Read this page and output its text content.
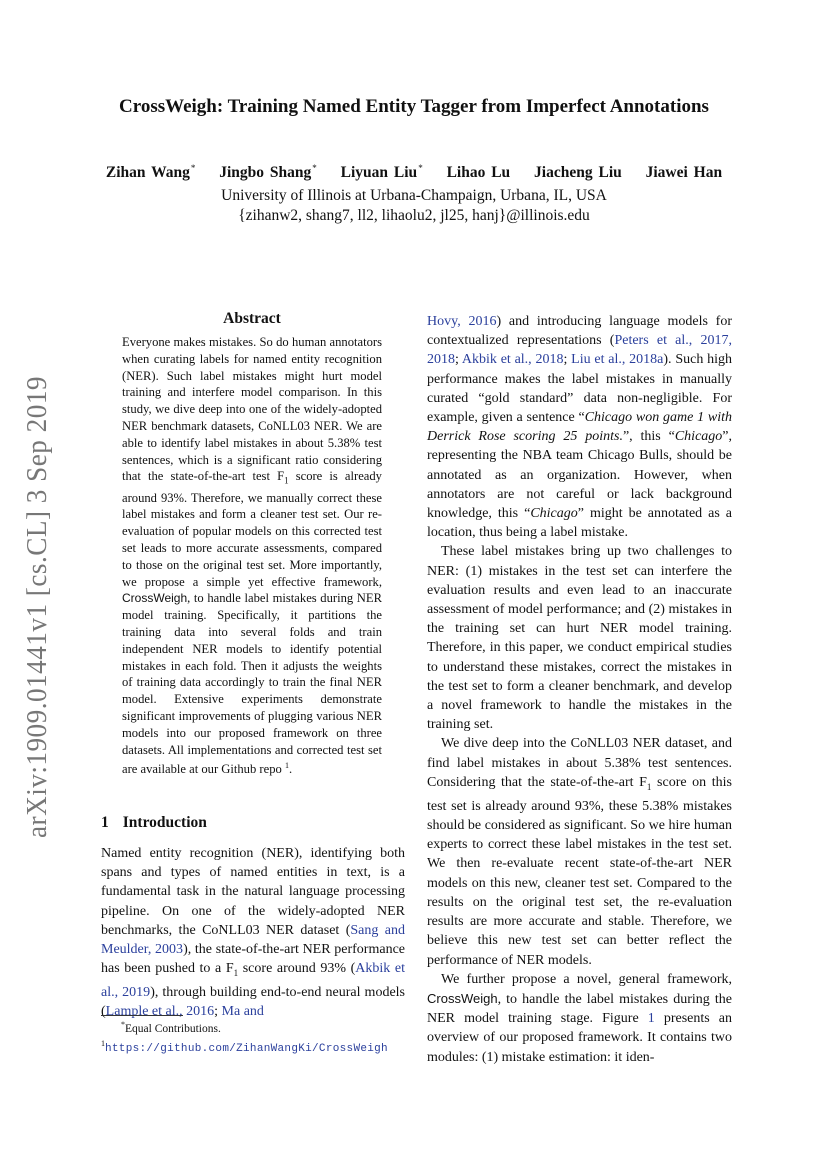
arXiv:1909.01441v1 [cs.CL] 3 Sep 2019
CrossWeigh: Training Named Entity Tagger from Imperfect Annotations
Zihan Wang* Jingbo Shang* Liyuan Liu* Lihao Lu Jiacheng Liu Jiawei Han
University of Illinois at Urbana-Champaign, Urbana, IL, USA
{zihanw2, shang7, ll2, lihaolu2, jl25, hanj}@illinois.edu
Abstract

Everyone makes mistakes. So do human annotators when curating labels for named entity recognition (NER). Such label mistakes might hurt model training and interfere model comparison. In this study, we dive deep into one of the widely-adopted NER benchmark datasets, CoNLL03 NER. We are able to identify label mistakes in about 5.38% test sentences, which is a significant ratio considering that the state-of-the-art test $F_1$ score is already around 93%. Therefore, we manually correct these label mistakes and form a cleaner test set. Our re-evaluation of popular models on this corrected test set leads to more accurate assessments, compared to those on the original test set. More importantly, we propose a simple yet effective framework, CrossWeigh, to handle label mistakes during NER model training. Specifically, it partitions the training data into several folds and train independent NER models to identify potential mistakes in each fold. Then it adjusts the weights of training data accordingly to train the final NER model. Extensive experiments demonstrate significant improvements of plugging various NER models into our proposed framework on three datasets. All implementations and corrected test set are available at our Github repo $^1$.

1 Introduction

Named entity recognition (NER), identifying both spans and types of named entities in text, is a fundamental task in the natural language processing pipeline. On one of the widely-adopted NER benchmarks, the CoNLL03 NER dataset (Sang and Meulder, 2003), the state-of-the-art NER performance has been pushed to a $F_1$ score around 93% (Akbik et al., 2019), through building end-to-end neural models (Lample et al., 2016; Ma and

*Equal Contributions.
$^1$https://github.com/ZihanWangKi/CrossWeigh

Hovy, 2016) and introducing language models for contextualized representations (Peters et al., 2017, 2018; Akbik et al., 2018; Liu et al., 2018a). Such high performance makes the label mistakes in manually curated “gold standard” data non-negligible. For example, given a sentence “Chicago won game 1 with Derrick Rose scoring 25 points.”, this “Chicago”, representing the NBA team Chicago Bulls, should be annotated as an organization. However, when annotators are not careful or lack background knowledge, this “Chicago” might be annotated as a location, thus being a label mistake.

These label mistakes bring up two challenges to NER: (1) mistakes in the test set can interfere the evaluation results and even lead to an inaccurate assessment of model performance; and (2) mistakes in the training set can hurt NER model training. Therefore, in this paper, we conduct empirical studies to understand these mistakes, correct the mistakes in the test set to form a cleaner benchmark, and develop a novel framework to handle the mistakes in the training set.

We dive deep into the CoNLL03 NER dataset, and find label mistakes in about 5.38% test sentences. Considering that the state-of-the-art $F_1$ score on this test set is already around 93%, these 5.38% mistakes should be considered as significant. So we hire human experts to correct these label mistakes in the test set. We then re-evaluate recent state-of-the-art NER models on this new, cleaner test set. Compared to the results on the original test set, the re-evaluation results are more accurate and stable. Therefore, we believe this new test set can better reflect the performance of NER models.

We further propose a novel, general framework, CrossWeigh, to handle the label mistakes during the NER model training stage. Figure 1 presents an overview of our proposed framework. It contains two modules: (1) mistake estimation: it iden-
